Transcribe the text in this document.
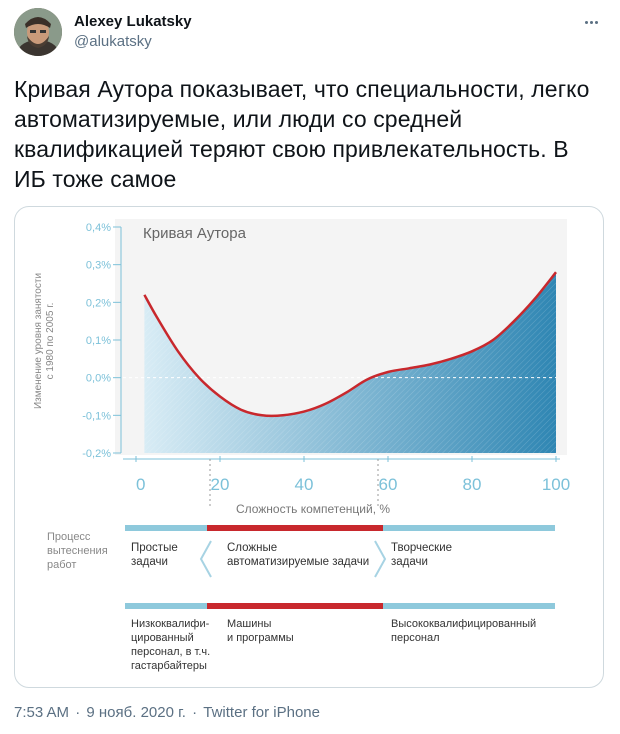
Alexey Lukatsky
@alukatsky
Кривая Аутора показывает, что специальности, легко автоматизируемые, или люди со средней квалификацией теряют свою привлекательность. В ИБ тоже самое
Кривая Аутора
Изменение уровня занятости с 1980 по 2005 г.
0,4%
0,3%
0,2%
0,1%
0,0%
-0,1%
-0,2%
0	20	40	60	80	100
Сложность компетенций, %
Процесс
вытеснения
работ
Простые задачи
Сложные автоматизируемые задачи
Творческие задачи
Низкоквалифи-цированный персонал, в т.ч. гастарбайтеры
Машины и программы
Высококвалифицированный персонал
7:53 AM · 9 нояб. 2020 г. · Twitter for iPhone
